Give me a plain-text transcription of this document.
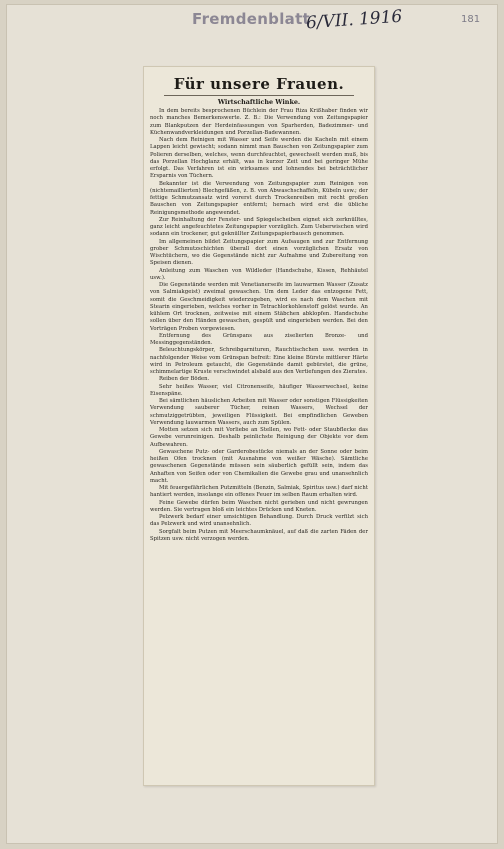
Fremdenblatt
6/VII. 1916	181
Für unsere Frauen.
Wirtschaftliche Winke.

In dem bereits besprochenen Büchlein der Frau Riza Krißhaber finden wir noch manches Bemerkenswerte. Z. B.: Die Verwendung von Zeitungspapier zum Blankputzen der Herdeinfassungen von Sparherden, Badezimmer- und Küchenwandverkleidungen und Porzellan-Badewannen.

Nach dem Reinigen mit Wasser und Seife werden die Kacheln mit einem Lappen leicht gewischt; sodann nimmt man Bauschen von Zeitungspapier zum Polieren derselben, welches, wenn durchfeuchtet, gewechselt werden muß, bis das Porzellan Hochglanz erhält, was in kurzer Zeit und bei geringer Mühe erfolgt. Das Verfahren ist ein wirksames und lohnendes bei beträchtlicher Ersparnis von Tüchern.

Bekannter ist die Verwendung von Zeitungspapier zum Reinigen von (nichtemaillierten) Blechgefäßen, z. B. von Abwaschschaffeln, Kübeln usw.; der fettige Schmutzansatz wird vorerst durch Trockenreiben mit recht großen Bauschen von Zeitungspapier entfernt; hernach wird erst die übliche Reinigungsmethode angewendet.

Zur Reinhaltung der Fenster- und Spiegelscheiben eignet sich zerknülltes, ganz leicht angefeuchtetes Zeitungspapier vorzüglich. Zum Ueberwischen wird sodann ein trockener, gut geknüllter Zeitungspapierbausch genommen.

Im allgemeinen bildet Zeitungspapier zum Aufsaugen und zur Entfernung grober Schmutzschichten überall dort einen vorzüglichen Ersatz von Wischtüchern, wo die Gegenstände nicht zur Aufnahme und Zubereitung von Speisen dienen.

Anleitung zum Waschen von Wildleder (Handschuhe, Kissen, Rehhäutel usw.).

Die Gegenstände werden mit Venetianerseife im lauwarmen Wasser (Zusatz von Salmiakgeist) zweimal gewaschen. Um dem Leder das entzogene Fett, somit die Geschmeidigkeit wiederzugeben, wird es nach dem Waschen mit Stearin eingerieben, welches vorher in Tetrachlorkohlenstoff gelöst wurde. An kühlem Ort trocknen, zeitweise mit einem Stäbchen abklopfen. Handschuhe sollen über den Händen gewaschen, gespült und eingerieben werden. Bei den Vorträgen Proben vorgewiesen.

Entfernung des Grünspans aus ziselierten Bronze- und Messinggegenständen.

Beleuchtungskörper, Schreibgarnituren, Rauchtischchen usw. werden in nachfolgender Weise vom Grünspan befreit: Eine kleine Bürste mittlerer Härte wird in Petroleum getaucht, die Gegenstände damit gebürstet, die grüne, schimmelartige Kruste verschwindet alsbald aus den Vertiefungen des Zierates.

Reiben der Böden.

Sehr heißes Wasser, viel Citronenseife, häufiger Wasserwechsel, keine Eisenspäne.

Bei sämtlichen häuslichen Arbeiten mit Wasser oder sonstigen Flüssigkeiten Verwendung sauberer Tücher, reinen Wassers, Wechsel der schmutziggetrübten, jeweiligen Flüssigkeit. Bei empfindlichen Geweben Verwendung lauwarmen Wassers, auch zum Spülen.

Motten setzen sich mit Vorliebe an Stellen, wo Fett- oder Staubflecke das Gewebe verunreinigen. Deshalb peinlichste Reinigung der Objekte vor dem Aufbewahren.

Gewaschene Putz- oder Garderobestücke niemals an der Sonne oder beim heißen Ofen trocknen (mit Ausnahme von weißer Wäsche). Sämtliche gewaschenen Gegenstände müssen sein säuberlich gefüllt sein, indem das Anhaften von Seifen oder von Chemikalien die Gewebe grau und unansehnlich macht.

Mit feuergefährlichen Putzmitteln (Benzin, Salmiak, Spiritus usw.) darf nicht hantiert werden, insolange ein offenes Feuer im selben Raum erhalten wird.

Feine Gewebe dürfen beim Waschen nicht gerieben und nicht gewrungen werden. Sie vertragen bloß ein leichtes Drücken und Kneten.

Pelzwerk bedarf einer umsichtigen Behandlung. Durch Druck verfilzt sich das Pelzwerk und wird unansehnlich.

Sorgfalt beim Putzen mit Meerschaumknäuel, auf daß die zarten Fäden der Spitzen usw. nicht verzogen werden.
